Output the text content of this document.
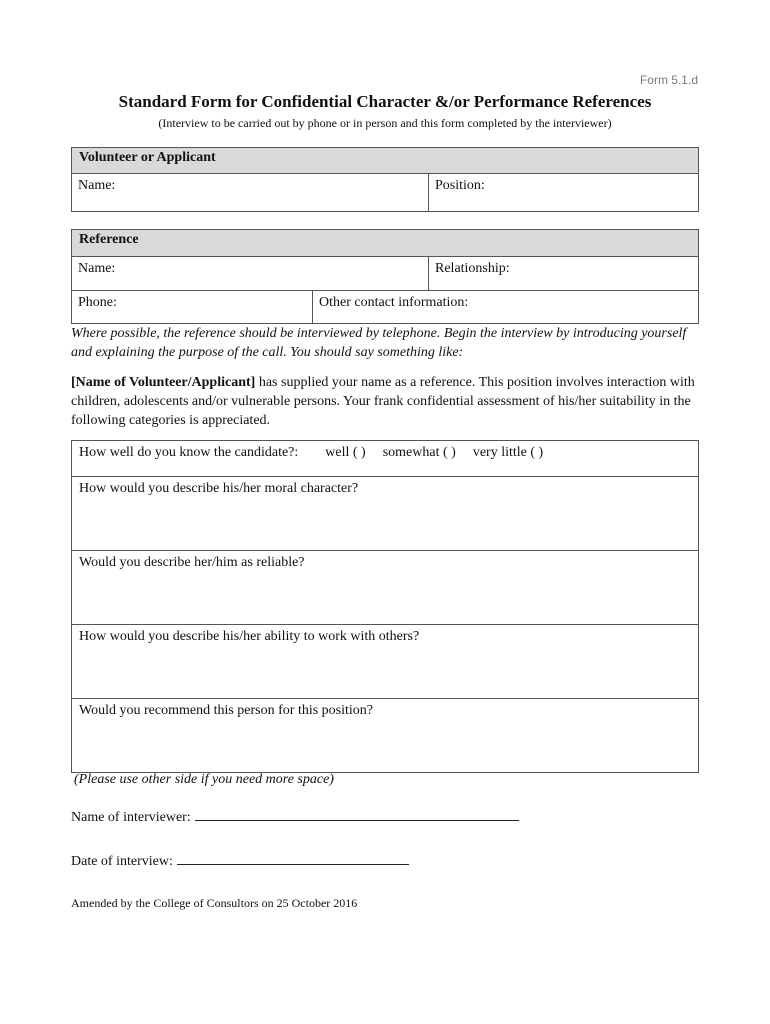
Form 5.1.d
Standard Form for Confidential Character &/or Performance References
(Interview to be carried out by phone or in person and this form completed by the interviewer)
Volunteer or Applicant
Name:	Position:
Reference
Name:	Relationship:
Phone:	Other contact information:
Where possible, the reference should be interviewed by telephone. Begin the interview by introducing yourself and explaining the purpose of the call. You should say something like:
[Name of Volunteer/Applicant] has supplied your name as a reference. This position involves interaction with children, adolescents and/or vulnerable persons. Your frank confidential assessment of his/her suitability in the following categories is appreciated.
How well do you know the candidate?: well ( ) somewhat ( ) very little ( )
How would you describe his/her moral character?
Would you describe her/him as reliable?
How would you describe his/her ability to work with others?
Would you recommend this person for this position?
(Please use other side if you need more space)
Name of interviewer:
Date of interview:
Amended by the College of Consultors on 25 October 2016
